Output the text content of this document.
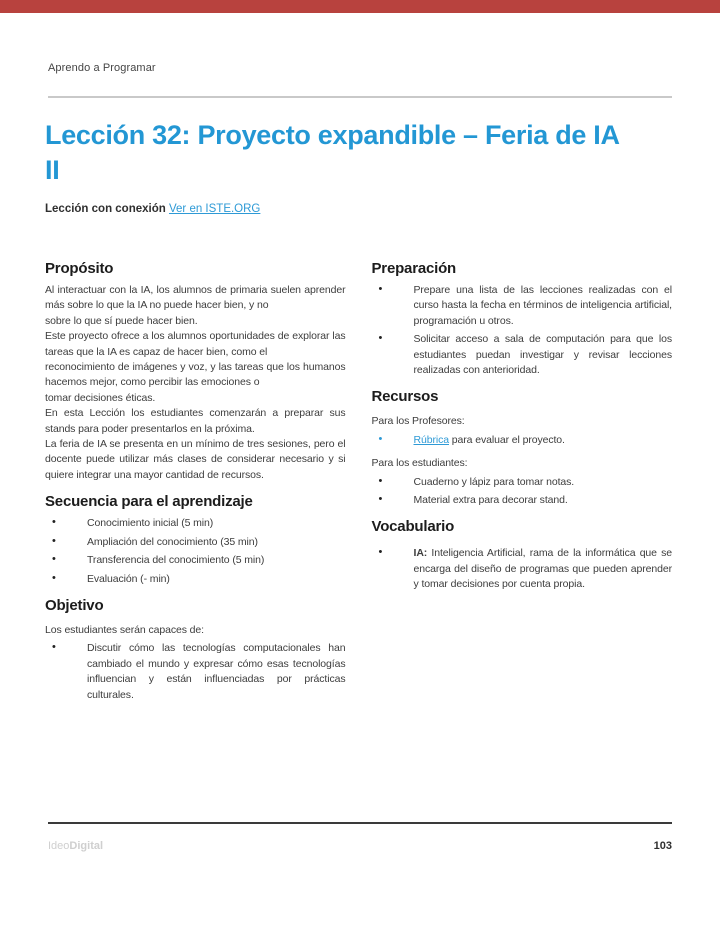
Aprendo a Programar
Lección 32: Proyecto expandible – Feria de IA
II
Lección con conexión Ver en ISTE.ORG
Propósito

Al interactuar con la IA, los alumnos de primaria suelen aprender más sobre lo que la IA no puede hacer bien, y no

sobre lo que sí puede hacer bien.

Este proyecto ofrece a los alumnos oportunidades de explorar las tareas que la IA es capaz de hacer bien, como el

reconocimiento de imágenes y voz, y las tareas que los humanos hacemos mejor, como percibir las emociones o

tomar decisiones éticas.

En esta Lección los estudiantes comenzarán a preparar sus stands para poder presentarlos en la próxima.

La feria de IA se presenta en un mínimo de tres sesiones, pero el docente puede utilizar más clases de considerar necesario y si quiere integrar una mayor cantidad de recursos.

Secuencia para el aprendizaje
• Conocimiento inicial (5 min)
• Ampliación del conocimiento (35 min)
• Transferencia del conocimiento (5 min)
• Evaluación (- min)
Objetivo

Los estudiantes serán capaces de:

• Discutir cómo las tecnologías computacionales han cambiado el mundo y expresar cómo esas tecnologías influencian y están influenciadas por prácticas culturales.
Preparación
• Prepare una lista de las lecciones realizadas con el curso hasta la fecha en términos de inteligencia artificial, programación u otros.
• Solicitar acceso a sala de computación para que los estudiantes puedan investigar y revisar lecciones realizadas con anterioridad.
Recursos

Para los Profesores:

• Rúbrica para evaluar el proyecto.

Para los estudiantes:

• Cuaderno y lápiz para tomar notas.
• Material extra para decorar stand.
Vocabulario
• IA: Inteligencia Artificial, rama de la informática que se encarga del diseño de programas que pueden aprender y tomar decisiones por cuenta propia.
IdeoDigital	103
